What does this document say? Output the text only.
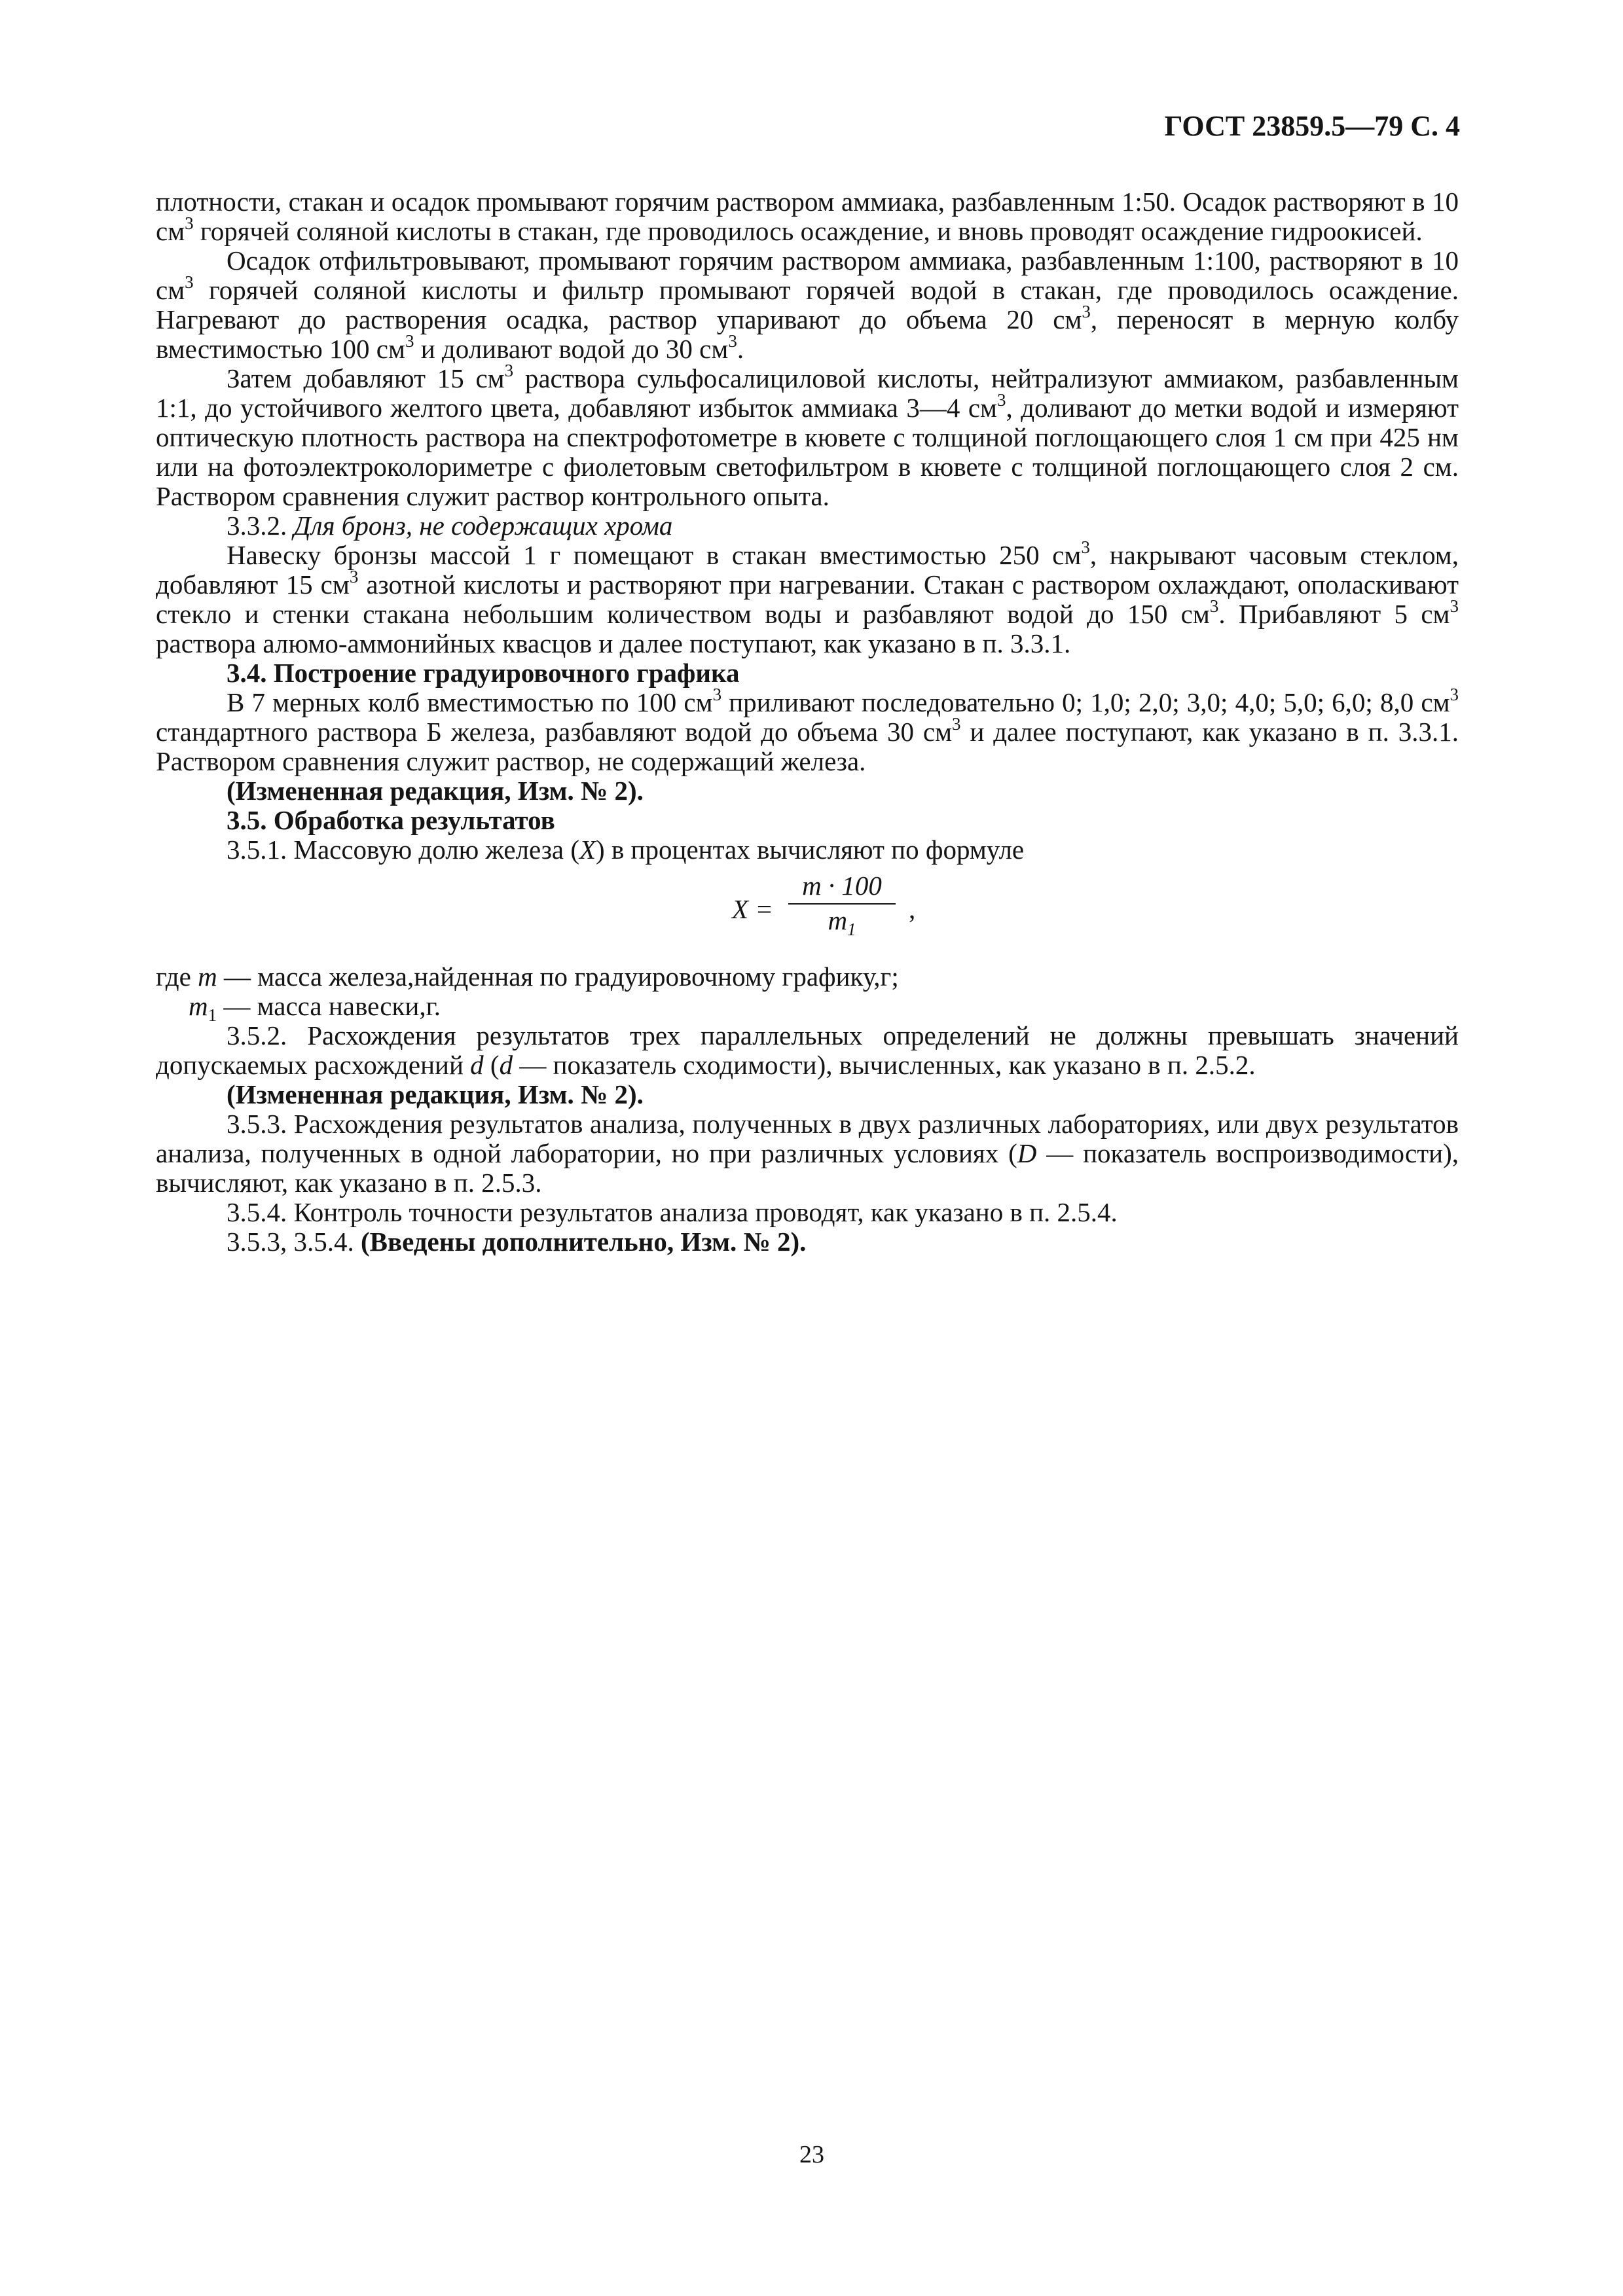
ГОСТ 23859.5—79 С. 4

плотности, стакан и осадок промывают горячим раствором аммиака, разбавленным 1:50. Осадок растворяют в 10 $см^3$ горячей соляной кислоты в стакан, где проводилось осаждение, и вновь проводят осаждение гидроокисей.

Осадок отфильтровывают, промывают горячим раствором аммиака, разбавленным 1:100, растворяют в 10 $см^3$ горячей соляной кислоты и фильтр промывают горячей водой в стакан, где проводилось осаждение. Нагревают до растворения осадка, раствор упаривают до объема 20 $см^3$, переносят в мерную колбу вместимостью 100 $см^3$ и доливают водой до 30 $см^3$.

Затем добавляют 15 $см^3$ раствора сульфосалициловой кислоты, нейтрализуют аммиаком, разбавленным 1:1, до устойчивого желтого цвета, добавляют избыток аммиака 3—4 $см^3$, доливают до метки водой и измеряют оптическую плотность раствора на спектрофотометре в кювете с толщиной поглощающего слоя 1 см при 425 нм или на фотоэлектроколориметре с фиолетовым светофильтром в кювете с толщиной поглощающего слоя 2 см. Раствором сравнения служит раствор контрольного опыта.

3.3.2. Для бронз, не содержащих хрома

Навеску бронзы массой 1 г помещают в стакан вместимостью 250 $см^3$, накрывают часовым стеклом, добавляют 15 $см^3$ азотной кислоты и растворяют при нагревании. Стакан с раствором охлаждают, ополаскивают стекло и стенки стакана небольшим количеством воды и разбавляют водой до 150 $см^3$. Прибавляют 5 $см^3$ раствора алюмо-аммонийных квасцов и далее поступают, как указано в п. 3.3.1.

3.4. Построение градуировочного графика

В 7 мерных колб вместимостью по 100 $см^3$ приливают последовательно 0; 1,0; 2,0; 3,0; 4,0; 5,0; 6,0; 8,0 $см^3$ стандартного раствора Б железа, разбавляют водой до объема 30 $см^3$ и далее поступают, как указано в п. 3.3.1. Раствором сравнения служит раствор, не содержащий железа.

(Измененная редакция, Изм. № 2).

3.5. Обработка результатов

3.5.1. Массовую долю железа (X) в процентах вычисляют по формуле

X =
m · 100
$m_1$
,

где m — масса железа,найденная по градуировочному графику,г;

$m_1$ — масса навески,г.

3.5.2. Расхождения результатов трех параллельных определений не должны превышать значений допускаемых расхождений d (d — показатель сходимости), вычисленных, как указано в п. 2.5.2.

(Измененная редакция, Изм. № 2).

3.5.3. Расхождения результатов анализа, полученных в двух различных лабораториях, или двух результатов анализа, полученных в одной лаборатории, но при различных условиях (D — показатель воспроизводимости), вычисляют, как указано в п. 2.5.3.

3.5.4. Контроль точности результатов анализа проводят, как указано в п. 2.5.4.

3.5.3, 3.5.4. (Введены дополнительно, Изм. № 2).

23
